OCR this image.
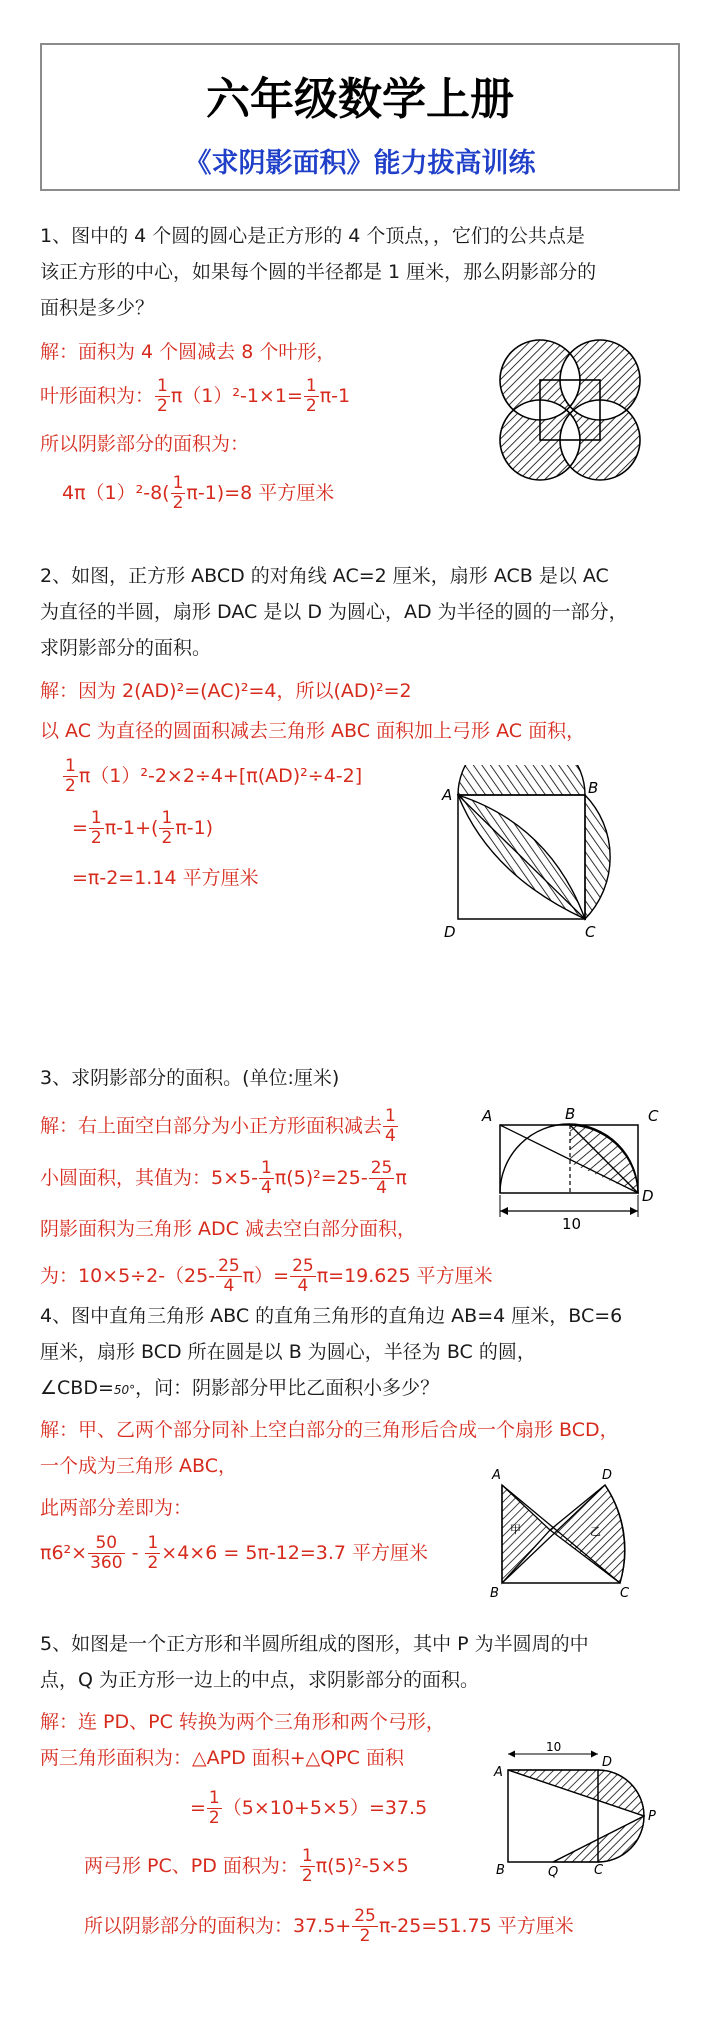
六年级数学上册
《求阴影面积》能力拔高训练
1、图中的 4 个圆的圆心是正方形的 4 个顶点，，它们的公共点是
该正方形的中心，如果每个圆的半径都是 1 厘米，那么阴影部分的
面积是多少？
解：面积为 4 个圆减去 8 个叶形，
叶形面积为： $\frac{1}{2} \pi(1)^2-1\times 1= \frac{1}{2} \pi-1$
所以阴影部分的面积为：
$4\pi(1)^2-8( \frac{1}{2} \pi-1)=8$ 平方厘米
2、如图，正方形 ABCD 的对角线 AC=2 厘米，扇形 ACB 是以 AC
为直径的半圆，扇形 DAC 是以 D 为圆心，AD 为半径的圆的一部分，
求阴影部分的面积。
解：因为 2(AD)²=(AC)²=4，所以(AD)²=2
以 AC 为直径的圆面积减去三角形 ABC 面积加上弓形 AC 面积，
$\frac{1}{2} \pi(1)^2-2\times 2\div 4+[\pi(AD)^2\div 4-2]$
= $\frac{1}{2} \pi-1+( \frac{1}{2} \pi-1)$
=π-2=1.14 平方厘米
A	B
C
D
3、求阴影部分的面积。(单位:厘米)
解：右上面空白部分为小正方形面积减去 $\frac{1}{4}$
小圆面积，其值为：$5\times 5- \frac{1}{4} \pi(5)^2=25- \frac{25}{4}$ π
阴影面积为三角形 ADC 减去空白部分面积，
为：$10\times 5\div 2-(25- \frac{25}{4} \pi)= \frac{25}{4} \pi=19.625$ 平方厘米
A	B	C
D
10
4、图中直角三角形 ABC 的直角三角形的直角边 AB=4 厘米，BC=6
厘米，扇形 BCD 所在圆是以 B 为圆心，半径为 BC 的圆，
∠CBD=50°，问：阴影部分甲比乙面积小多少？
解：甲、乙两个部分同补上空白部分的三角形后合成一个扇形 BCD，
一个成为三角形 ABC，
此两部分差即为：
$\pi 6^2\times \frac{50}{360} - \frac{1}{2} \times 4\times 6 = 5\pi-12=3.7$ 平方厘米
A
B	C
D
甲	乙
5、如图是一个正方形和半圆所组成的图形，其中 P 为半圆周的中
点，Q 为正方形一边上的中点，求阴影部分的面积。
解：连 PD、PC 转换为两个三角形和两个弓形，
两三角形面积为：△APD 面积+△QPC 面积
= $\frac{1}{2} (5\times 10+5\times 5)=37.5$
两弓形 PC、PD 面积为： $\frac{1}{2} \pi(5)^2-5\times 5$
所以阴影部分的面积为：$37.5+ \frac{25}{2} \pi-25=51.75$ 平方厘米
A
B	C
D
P
Q
10
